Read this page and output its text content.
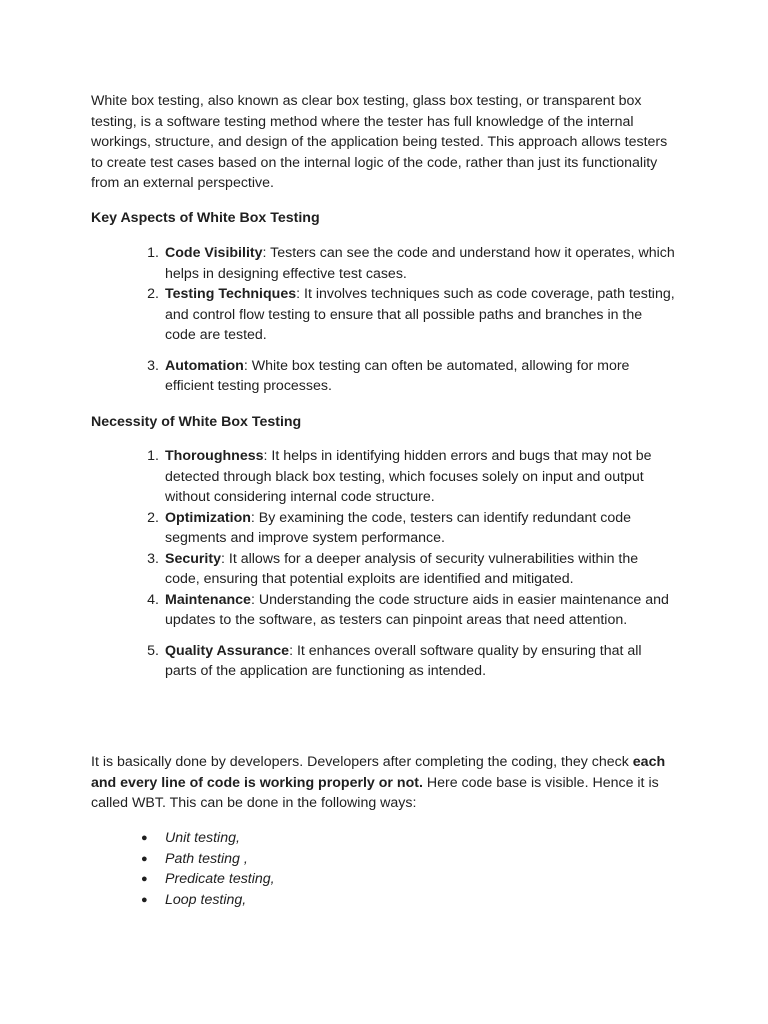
White box testing, also known as clear box testing, glass box testing, or transparent box testing, is a software testing method where the tester has full knowledge of the internal workings, structure, and design of the application being tested. This approach allows testers to create test cases based on the internal logic of the code, rather than just its functionality from an external perspective.

Key Aspects of White Box Testing
1. Code Visibility: Testers can see the code and understand how it operates, which helps in designing effective test cases.
2. Testing Techniques: It involves techniques such as code coverage, path testing, and control flow testing to ensure that all possible paths and branches in the code are tested.
3. Automation: White box testing can often be automated, allowing for more efficient testing processes.
Necessity of White Box Testing
1. Thoroughness: It helps in identifying hidden errors and bugs that may not be detected through black box testing, which focuses solely on input and output without considering internal code structure.
2. Optimization: By examining the code, testers can identify redundant code segments and improve system performance.
3. Security: It allows for a deeper analysis of security vulnerabilities within the code, ensuring that potential exploits are identified and mitigated.
4. Maintenance: Understanding the code structure aids in easier maintenance and updates to the software, as testers can pinpoint areas that need attention.
5. Quality Assurance: It enhances overall software quality by ensuring that all parts of the application are functioning as intended.

It is basically done by developers. Developers after completing the coding, they check each and every line of code is working properly or not. Here code base is visible. Hence it is called WBT. This can be done in the following ways:

● Unit testing,
● Path testing ,
● Predicate testing,
● Loop testing,
